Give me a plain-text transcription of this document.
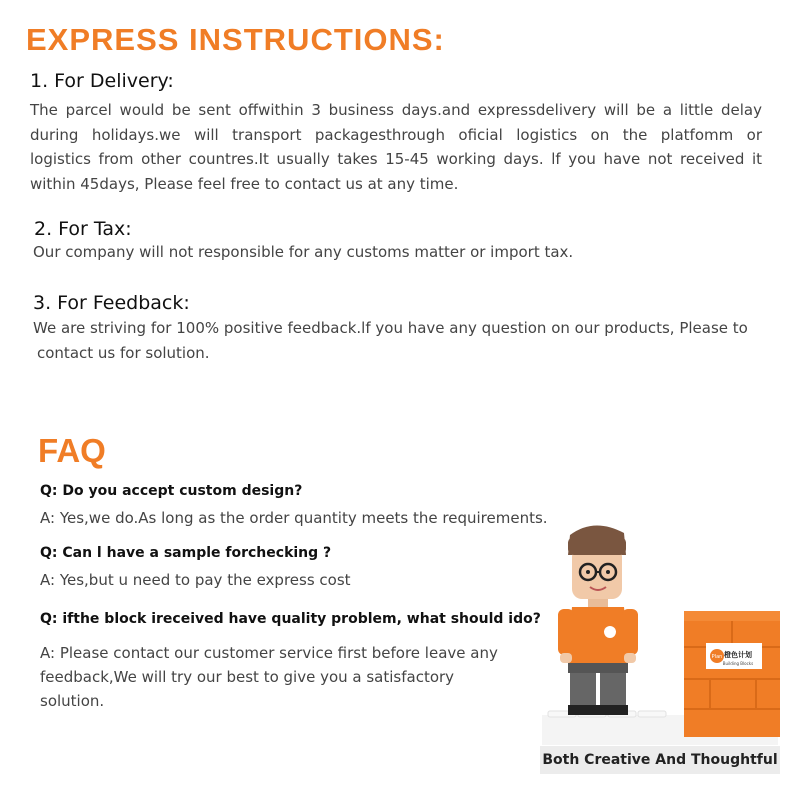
EXPRESS INSTRUCTIONS:
1. For Delivery:
The parcel would be sent offwithin 3 business days.and expressdelivery will be a little delay
during holidays.we will transport packagesthrough oficial logistics on the platfomm or
logistics from other countres.It usually takes 15-45 working days. lf you have not received it
within 45days, Please feel free to contact us at any time.
2. For Tax:
Our company will not responsible for any customs matter or import tax.
3. For Feedback:
We are striving for 100% positive feedback.lf you have any question on our products, Please to
contact us for solution.
FAQ
Q: Do you accept custom design?
A: Yes,we do.As long as the order quantity meets the requirements.
Q: Can l have a sample forchecking ?
A: Yes,but u need to pay the express cost
Q: ifthe block ireceived have quality problem, what should ido?
A: Please contact our customer service first before leave any
feedback,We will try our best to give you a satisfactory
solution.
Plan 橙色计划
Building Blocks
Both Creative And Thoughtful
